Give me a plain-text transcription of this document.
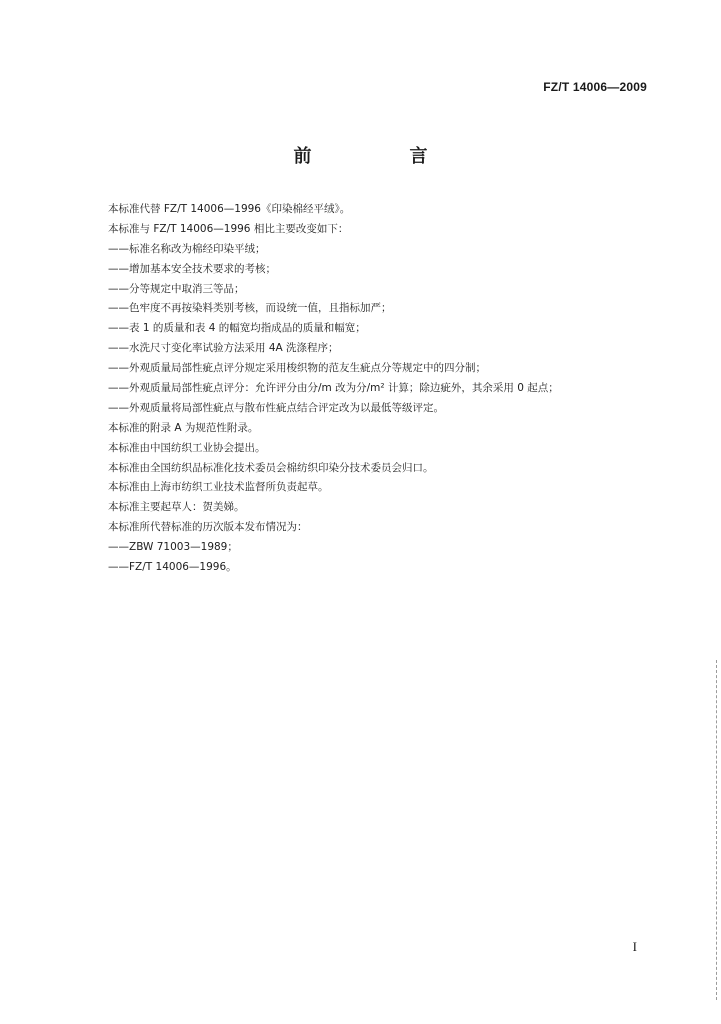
FZ/T 14006—2009
前　言
本标准代替 FZ/T 14006—1996《印染棉经平绒》。
本标准与 FZ/T 14006—1996 相比主要改变如下：
——标准名称改为棉经印染平绒；
——增加基本安全技术要求的考核；
——分等规定中取消三等品；
——色牢度不再按染料类别考核，而设统一值，且指标加严；
——表 1 的质量和表 4 的幅宽均指成品的质量和幅宽；
——水洗尺寸变化率试验方法采用 4A 洗涤程序；
——外观质量局部性疵点评分规定采用梭织物的范友生疵点分等规定中的四分制；
——外观质量局部性疵点评分：允许评分由分/m 改为分/m² 计算；除边疵外，其余采用 0 起点；
——外观质量将局部性疵点与散布性疵点结合评定改为以最低等级评定。
本标准的附录 A 为规范性附录。
本标准由中国纺织工业协会提出。
本标准由全国纺织品标准化技术委员会棉纺织印染分技术委员会归口。
本标准由上海市纺织工业技术监督所负责起草。
本标准主要起草人：贺美娣。
本标准所代替标准的历次版本发布情况为：
——ZBW 71003—1989；
——FZ/T 14006—1996。
I
